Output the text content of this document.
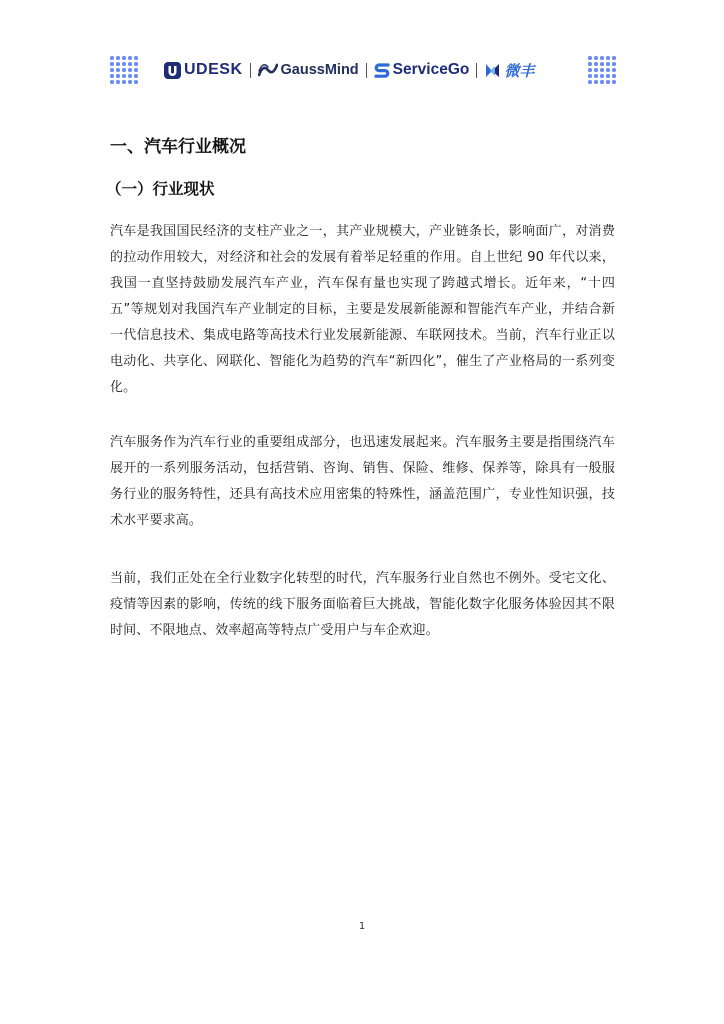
UDESK	GaussMind ServiceGo 微丰
一、汽车行业概况
（一）行业现状

汽车是我国国民经济的支柱产业之一，其产业规模大，产业链条长，影响面广，对消费的拉动作用较大，对经济和社会的发展有着举足轻重的作用。自上世纪 90 年代以来，我国一直坚持鼓励发展汽车产业，汽车保有量也实现了跨越式增长。近年来，“十四五”等规划对我国汽车产业制定的目标，主要是发展新能源和智能汽车产业，并结合新一代信息技术、集成电路等高技术行业发展新能源、车联网技术。当前，汽车行业正以电动化、共享化、网联化、智能化为趋势的汽车“新四化”，催生了产业格局的一系列变化。

汽车服务作为汽车行业的重要组成部分，也迅速发展起来。汽车服务主要是指围绕汽车展开的一系列服务活动，包括营销、咨询、销售、保险、维修、保养等，除具有一般服务行业的服务特性，还具有高技术应用密集的特殊性，涵盖范围广，专业性知识强，技术水平要求高。

当前，我们正处在全行业数字化转型的时代，汽车服务行业自然也不例外。受宅文化、疫情等因素的影响，传统的线下服务面临着巨大挑战，智能化数字化服务体验因其不限时间、不限地点、效率超高等特点广受用户与车企欢迎。

1
